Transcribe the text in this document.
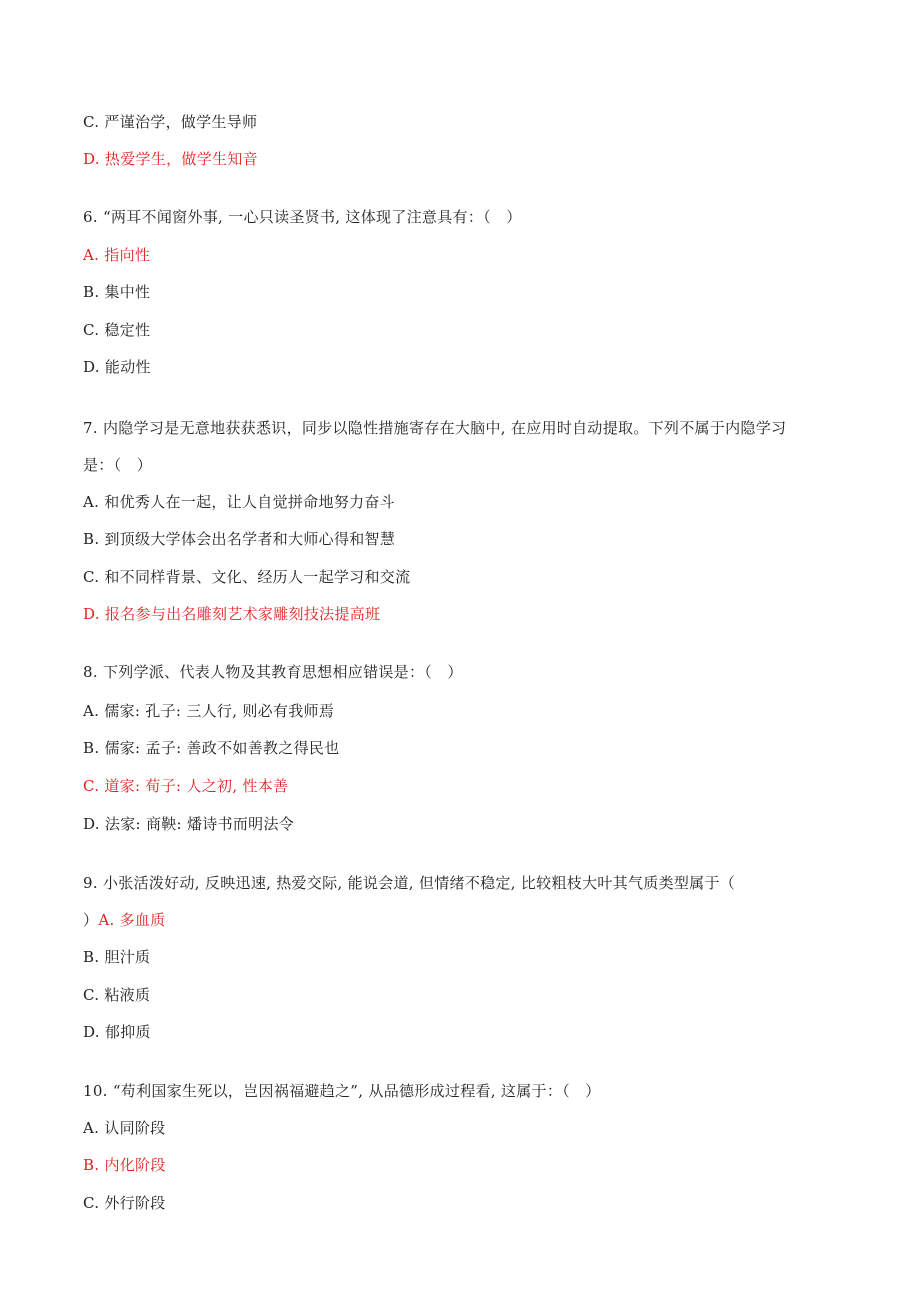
C. 严谨治学，做学生导师
D. 热爱学生，做学生知音
6. “两耳不闻窗外事, 一心只读圣贤书, 这体现了注意具有：（　）
A. 指向性
B. 集中性
C. 稳定性
D. 能动性
7. 内隐学习是无意地获获悉识，同步以隐性措施寄存在大脑中, 在应用时自动提取。下列不属于内隐学习
是：（　）
A. 和优秀人在一起，让人自觉拼命地努力奋斗
B. 到顶级大学体会出名学者和大师心得和智慧
C. 和不同样背景、文化、经历人一起学习和交流
D. 报名参与出名雕刻艺术家雕刻技法提高班
8. 下列学派、代表人物及其教育思想相应错误是：（　）
A. 儒家: 孔子: 三人行, 则必有我师焉
B. 儒家: 孟子: 善政不如善教之得民也
C. 道家: 荀子: 人之初, 性本善
D. 法家: 商鞅: 燔诗书而明法令
9. 小张活泼好动, 反映迅速, 热爱交际, 能说会道, 但情绪不稳定, 比较粗枝大叶其气质类型属于（
）A. 多血质
B. 胆汁质
C. 粘液质
D. 郁抑质
10. “苟利国家生死以，岂因祸福避趋之”, 从品德形成过程看, 这属于：（　）
A. 认同阶段
B. 内化阶段
C. 外行阶段
